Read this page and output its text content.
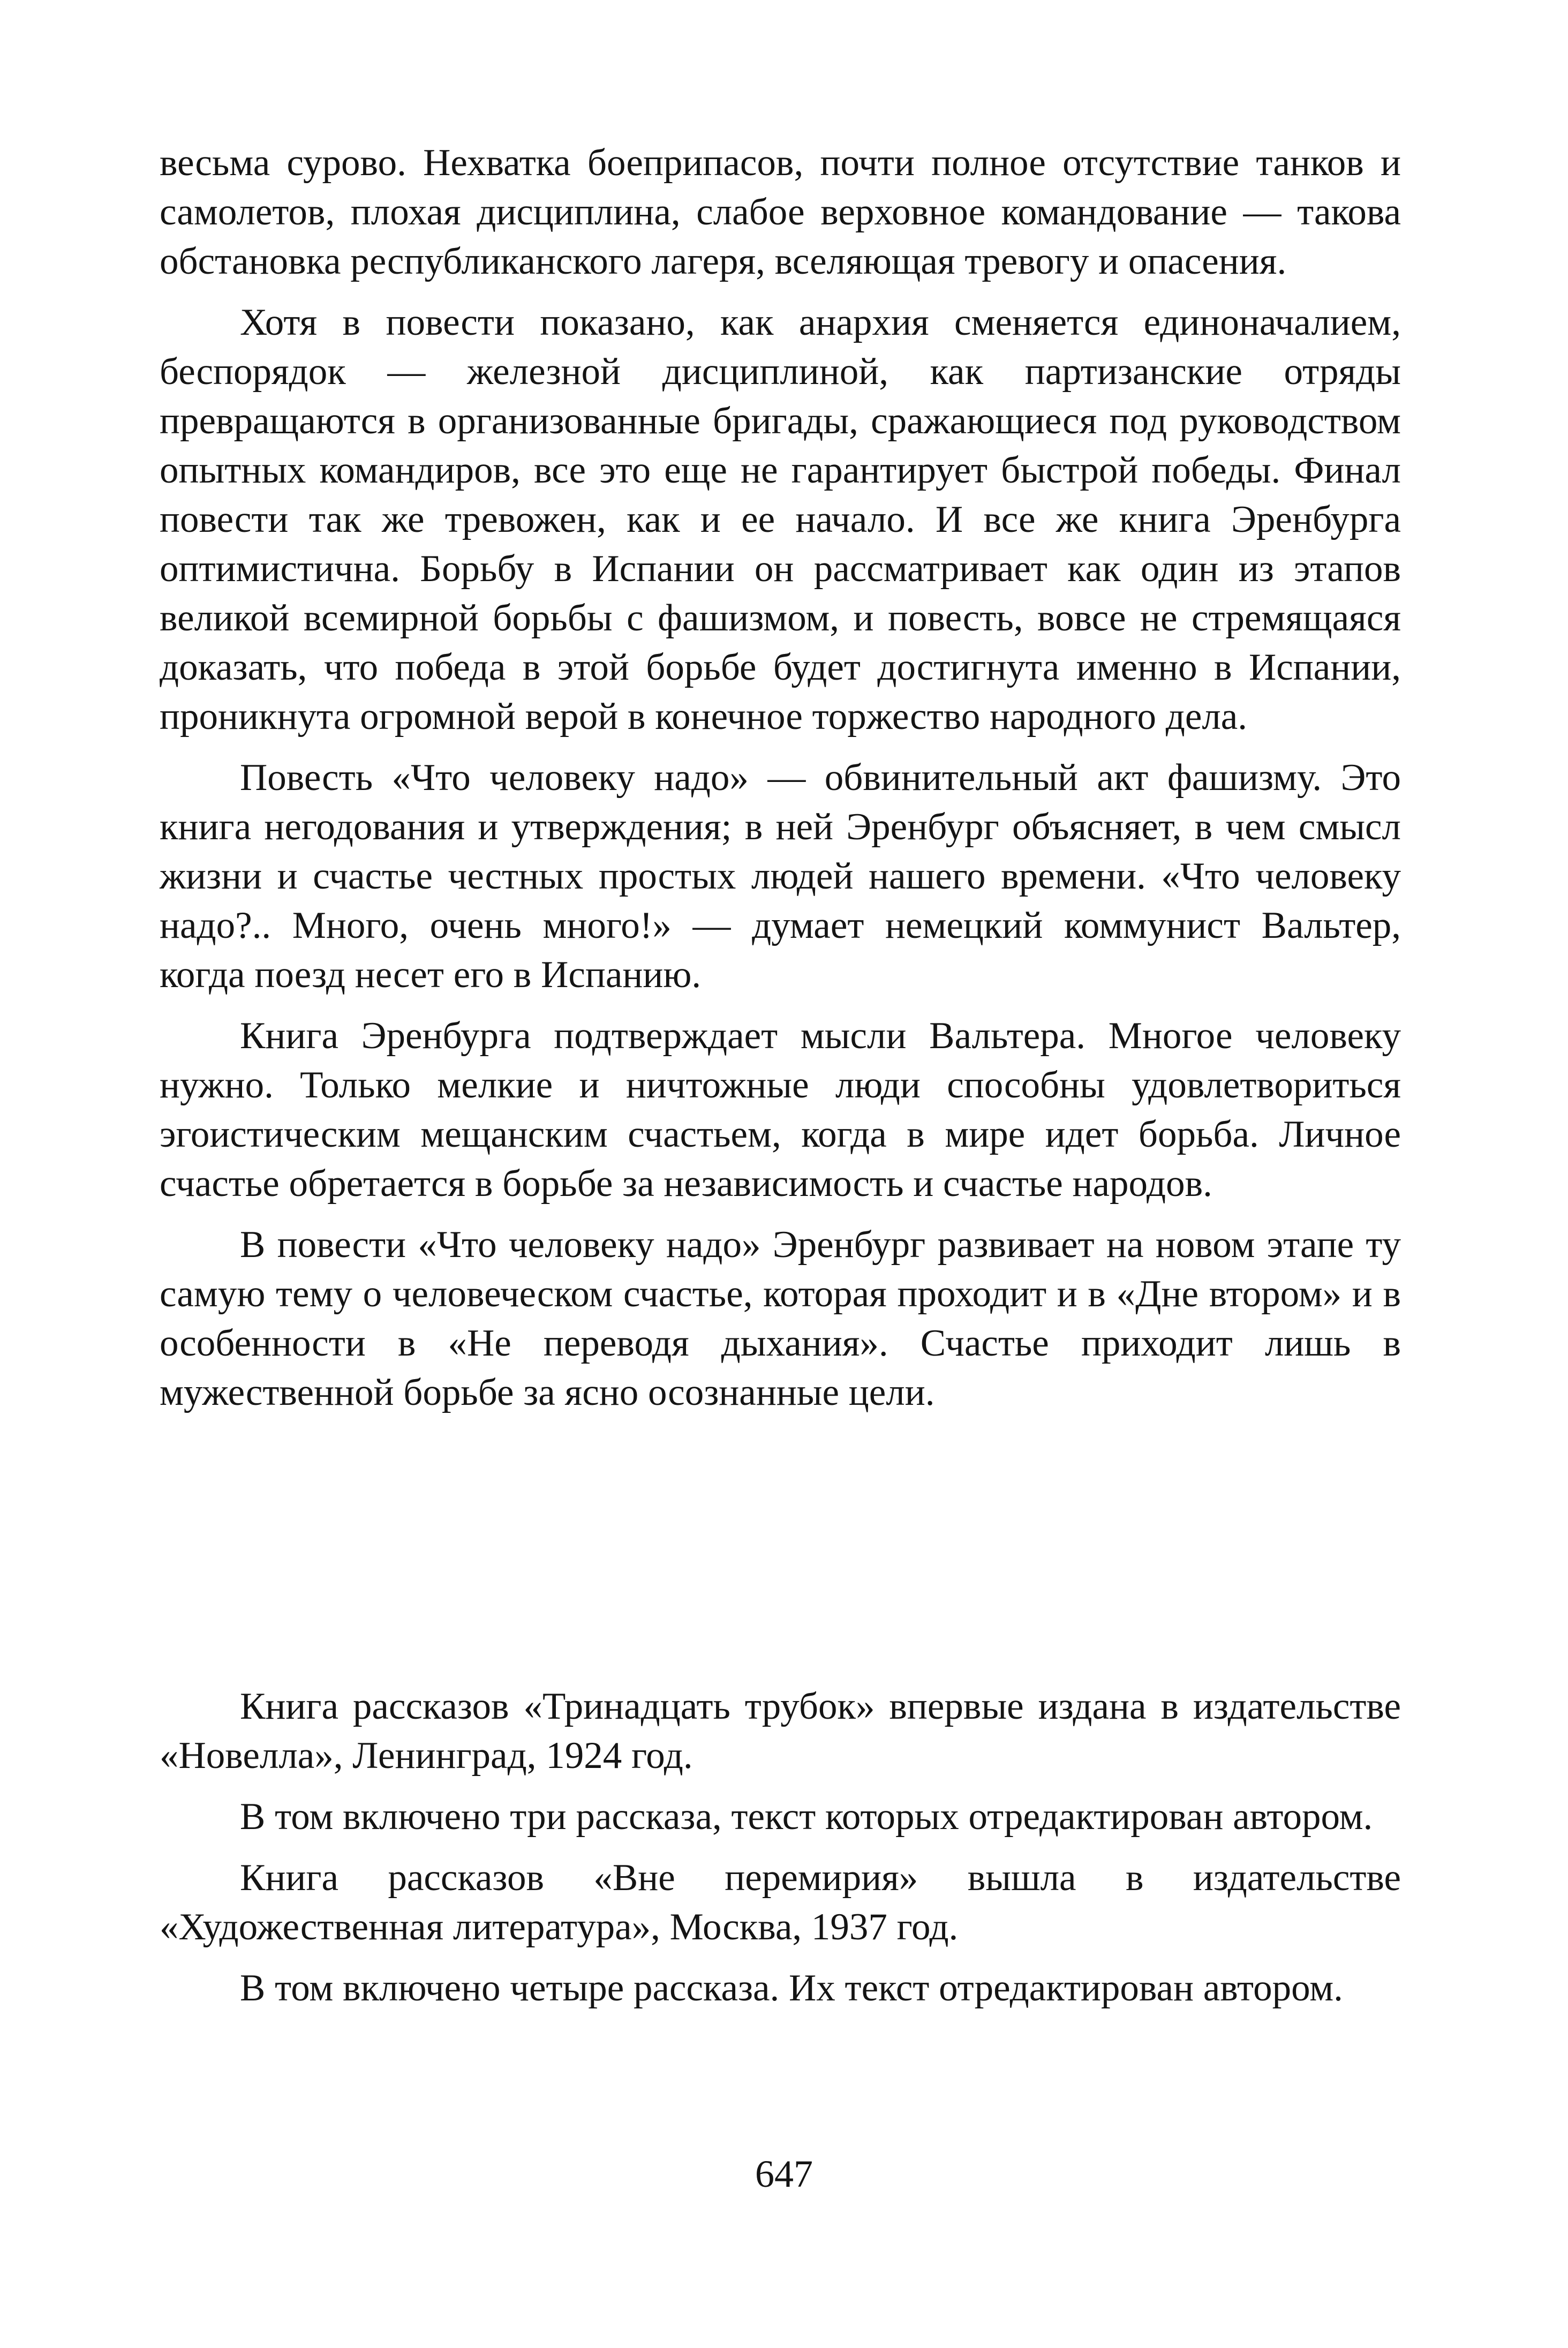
весьма сурово. Нехватка боеприпасов, почти полное отсутствие танков и самолетов, плохая дисциплина, слабое верховное командование — такова обстановка республиканского лагеря, вселяющая тревогу и опасения.

Хотя в повести показано, как анархия сменяется единоначалием, беспорядок — железной дисциплиной, как партизанские отряды превращаются в организованные бригады, сражающиеся под руководством опытных командиров, все это еще не гарантирует быстрой победы. Финал повести так же тревожен, как и ее начало. И все же книга Эренбурга оптимистична. Борьбу в Испании он рассматривает как один из этапов великой всемирной борьбы с фашизмом, и повесть, вовсе не стремящаяся доказать, что победа в этой борьбе будет достигнута именно в Испании, проникнута огромной верой в конечное торжество народного дела.

Повесть «Что человеку надо» — обвинительный акт фашизму. Это книга негодования и утверждения; в ней Эренбург объясняет, в чем смысл жизни и счастье честных простых людей нашего времени. «Что человеку надо?.. Много, очень много!» — думает немецкий коммунист Вальтер, когда поезд несет его в Испанию.

Книга Эренбурга подтверждает мысли Вальтера. Многое человеку нужно. Только мелкие и ничтожные люди способны удовлетвориться эгоистическим мещанским счастьем, когда в мире идет борьба. Личное счастье обретается в борьбе за независимость и счастье народов.

В повести «Что человеку надо» Эренбург развивает на новом этапе ту самую тему о человеческом счастье, которая проходит и в «Дне втором» и в особенности в «Не переводя дыхания». Счастье приходит лишь в мужественной борьбе за ясно осознанные цели.

Книга рассказов «Тринадцать трубок» впервые издана в издательстве «Новелла», Ленинград, 1924 год.

В том включено три рассказа, текст которых отредактирован автором.

Книга рассказов «Вне перемирия» вышла в издательстве «Художественная литература», Москва, 1937 год.

В том включено четыре рассказа. Их текст отредактирован автором.

647
